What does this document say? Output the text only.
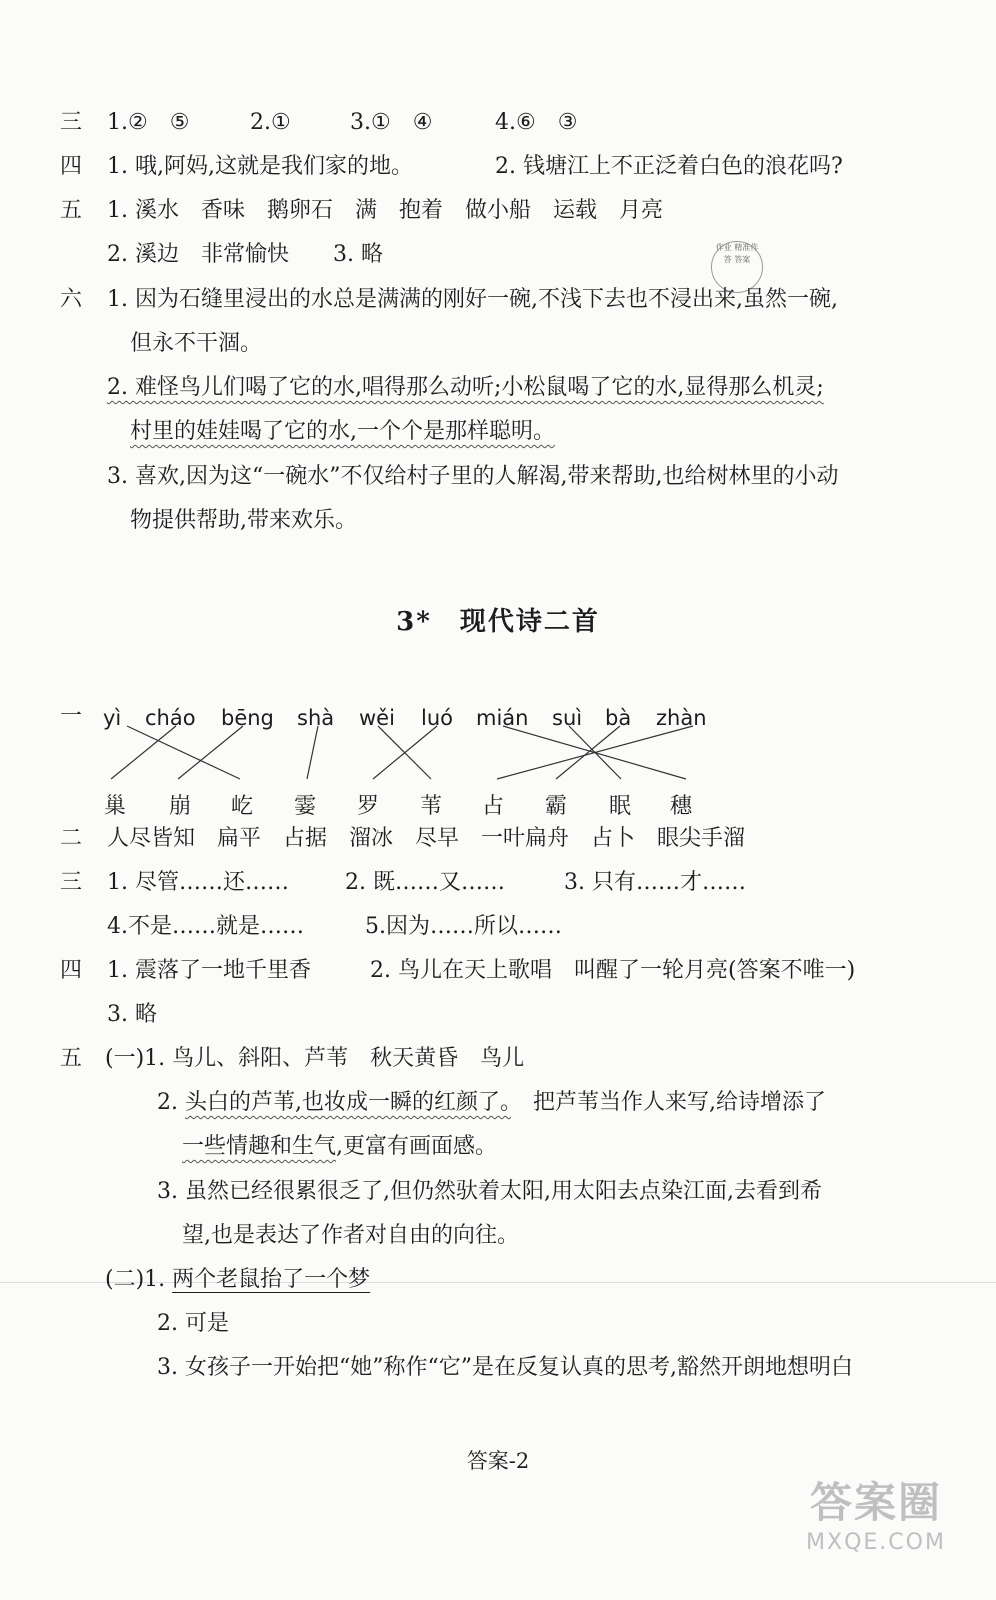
三 1.②　⑤	2.①	3.①　④	4.⑥　③
四 1. 哦,阿妈,这就是我们家的地。	2. 钱塘江上不正泛着白色的浪花吗?
五 1. 溪水　香味　鹅卵石　满　抱着　做小船　运载　月亮
2. 溪边　非常愉快　　3. 略	作业 精准作答 答案
六 1. 因为石缝里浸出的水总是满满的刚好一碗,不浅下去也不浸出来,虽然一碗,
但永不干涸。
2. 难怪鸟儿们喝了它的水,唱得那么动听;小松鼠喝了它的水,显得那么机灵;
村里的娃娃喝了它的水,一个个是那样聪明。
3. 喜欢,因为这“一碗水”不仅给村子里的人解渴,带来帮助,也给树林里的小动
物提供帮助,带来欢乐。
3*　现代诗二首
一 yì cháo bēng shà wěi luó mián suì bà zhàn
巢 崩 屹 霎 罗 苇 占 霸 眠 穗
二 人尽皆知　扁平　占据　溜冰　尽早　一叶扁舟　占卜　眼尖手溜
三 1. 尽管……还……	2. 既……又……	3. 只有……才……
4.不是……就是……	5.因为……所以……
四 1. 震落了一地千里香	2. 鸟儿在天上歌唱　叫醒了一轮月亮(答案不唯一)
3. 略
五 (一)1. 鸟儿、斜阳、芦苇　秋天黄昏　鸟儿
2. 头白的芦苇,也妆成一瞬的红颜了。　把芦苇当作人来写,给诗增添了
一些情趣和生气,更富有画面感。
3. 虽然已经很累很乏了,但仍然驮着太阳,用太阳去点染江面,去看到希
望,也是表达了作者对自由的向往。
(二)1. 两个老鼠抬了一个梦
2. 可是
3. 女孩子一开始把“她”称作“它”是在反复认真的思考,豁然开朗地想明白
答案-2
答案圈
MXQE.COM
